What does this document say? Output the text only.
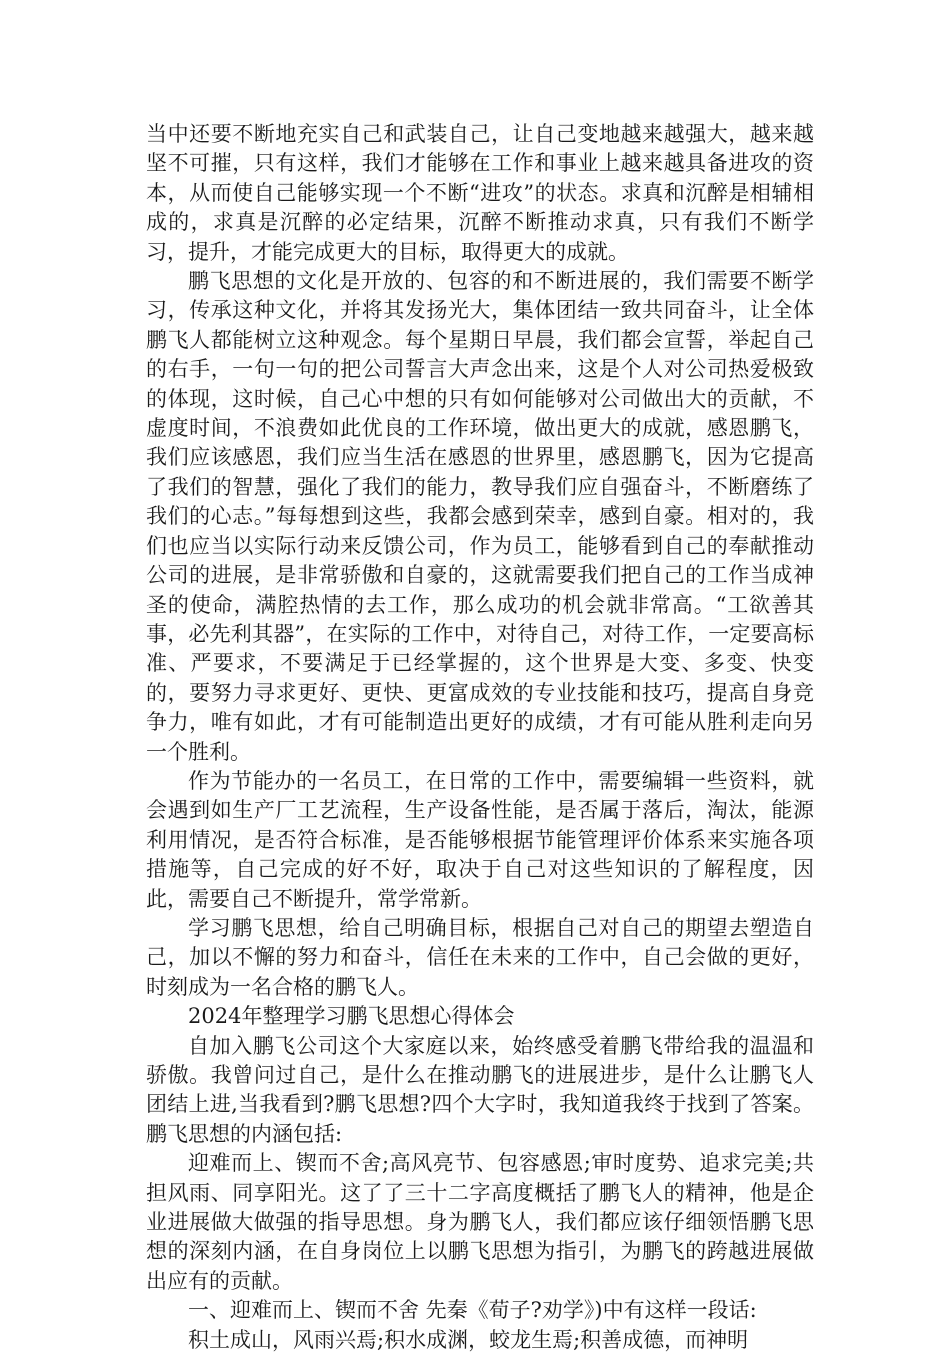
当中还要不断地充实自己和武装自己，让自己变地越来越强大，越来越坚不可摧，只有这样，我们才能够在工作和事业上越来越具备进攻的资本，从而使自己能够实现一个不断“进攻”的状态。求真和沉醉是相辅相成的，求真是沉醉的必定结果，沉醉不断推动求真，只有我们不断学习，提升，才能完成更大的目标，取得更大的成就。

鹏飞思想的文化是开放的、包容的和不断进展的，我们需要不断学习，传承这种文化，并将其发扬光大，集体团结一致共同奋斗，让全体鹏飞人都能树立这种观念。每个星期日早晨，我们都会宣誓，举起自己的右手，一句一句的把公司誓言大声念出来，这是个人对公司热爱极致的体现，这时候，自己心中想的只有如何能够对公司做出大的贡献，不虚度时间，不浪费如此优良的工作环境，做出更大的成就，感恩鹏飞，我们应该感恩，我们应当生活在感恩的世界里，感恩鹏飞，因为它提高了我们的智慧，强化了我们的能力，教导我们应自强奋斗，不断磨练了我们的心志。”每每想到这些，我都会感到荣幸，感到自豪。相对的，我们也应当以实际行动来反馈公司，作为员工，能够看到自己的奉献推动公司的进展，是非常骄傲和自豪的，这就需要我们把自己的工作当成神圣的使命，满腔热情的去工作，那么成功的机会就非常高。“工欲善其事，必先利其器”，在实际的工作中，对待自己，对待工作，一定要高标准、严要求，不要满足于已经掌握的，这个世界是大变、多变、快变的，要努力寻求更好、更快、更富成效的专业技能和技巧，提高自身竞争力，唯有如此，才有可能制造出更好的成绩，才有可能从胜利走向另一个胜利。

作为节能办的一名员工，在日常的工作中，需要编辑一些资料，就会遇到如生产厂工艺流程，生产设备性能，是否属于落后，淘汰，能源利用情况，是否符合标准，是否能够根据节能管理评价体系来实施各项措施等，自己完成的好不好，取决于自己对这些知识的了解程度，因此，需要自己不断提升，常学常新。

学习鹏飞思想，给自己明确目标，根据自己对自己的期望去塑造自己，加以不懈的努力和奋斗，信任在未来的工作中，自己会做的更好，时刻成为一名合格的鹏飞人。

2024年整理学习鹏飞思想心得体会

自加入鹏飞公司这个大家庭以来，始终感受着鹏飞带给我的温温和骄傲。我曾问过自己，是什么在推动鹏飞的进展进步，是什么让鹏飞人团结上进,当我看到?鹏飞思想?四个大字时，我知道我终于找到了答案。鹏飞思想的内涵包括:

迎难而上、锲而不舍;高风亮节、包容感恩;审时度势、追求完美;共担风雨、同享阳光。这了了三十二字高度概括了鹏飞人的精神，他是企业进展做大做强的指导思想。身为鹏飞人，我们都应该仔细领悟鹏飞思想的深刻内涵，在自身岗位上以鹏飞思想为指引，为鹏飞的跨越进展做出应有的贡献。

一、迎难而上、锲而不舍 先秦《荀子?劝学》)中有这样一段话:

积土成山，风雨兴焉;积水成渊，蛟龙生焉;积善成德，而神明
